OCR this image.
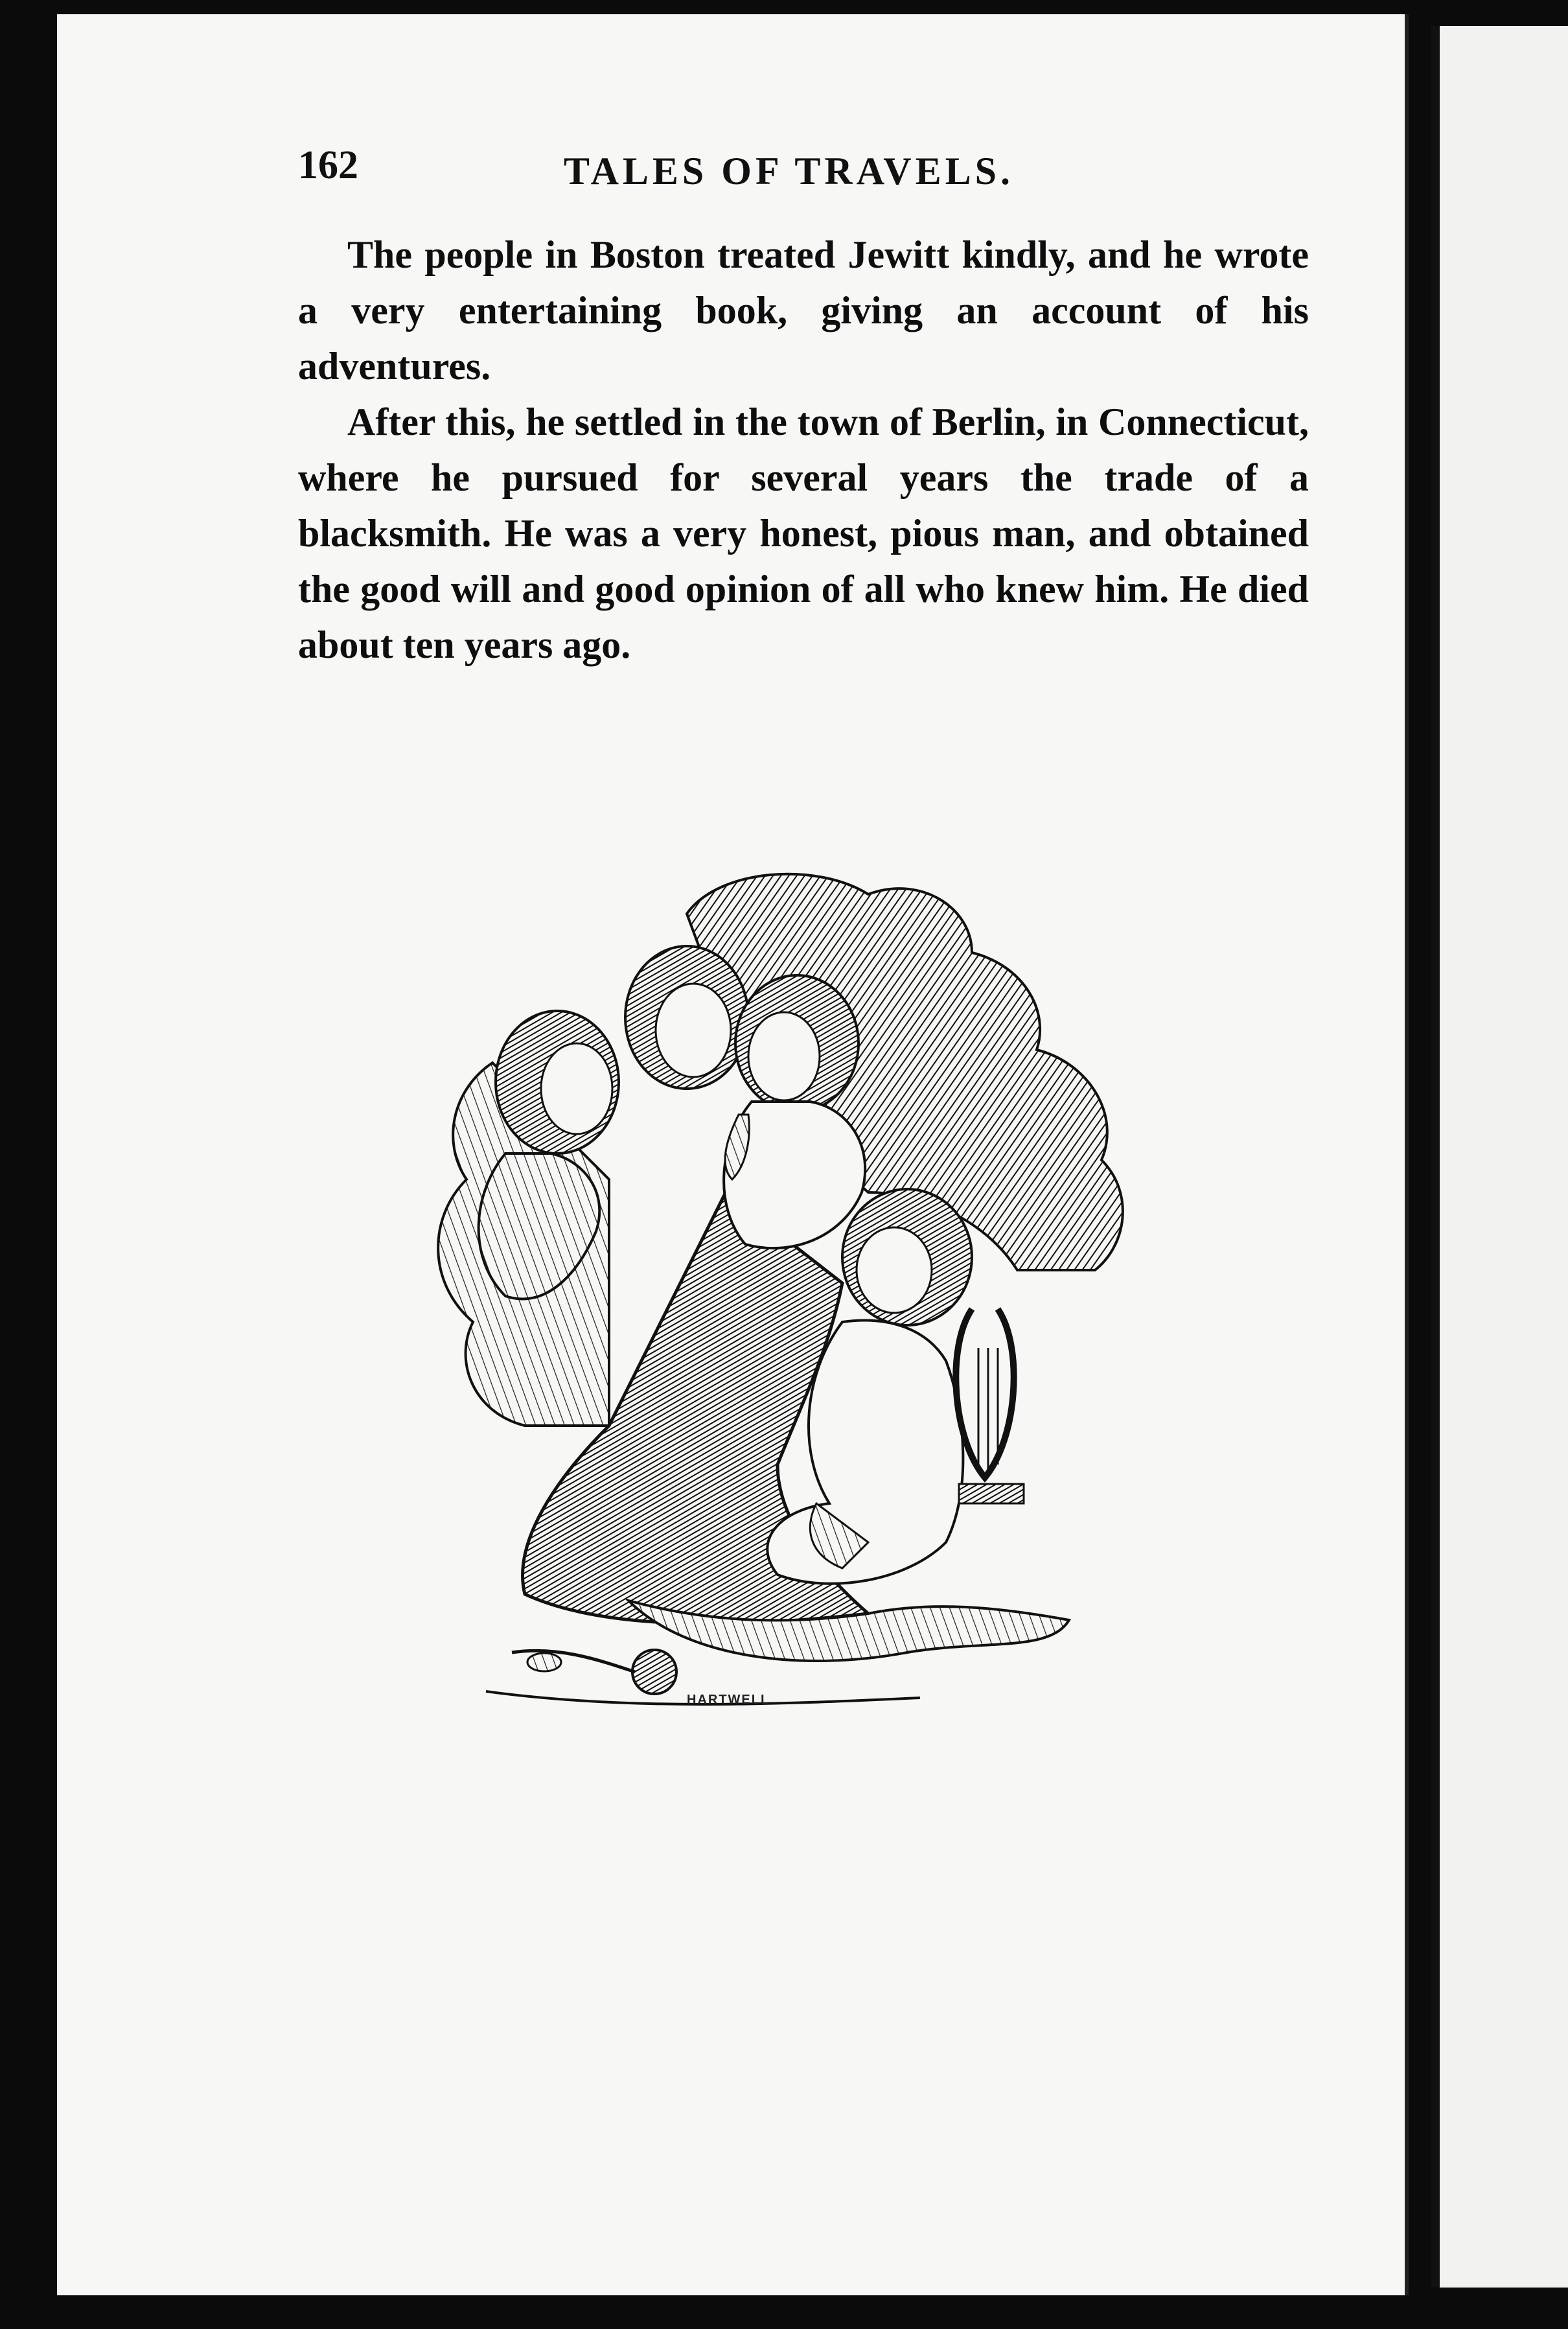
162	TALES OF TRAVELS.

The people in Boston treated Jewitt kindly, and he wrote a very entertaining book, giving an account of his adventures.

After this, he settled in the town of Berlin, in Connecticut, where he pursued for several years the trade of a blacksmith. He was a very honest, pious man, and obtained the good will and good opinion of all who knew him. He died about ten years ago.

HARTWELL
